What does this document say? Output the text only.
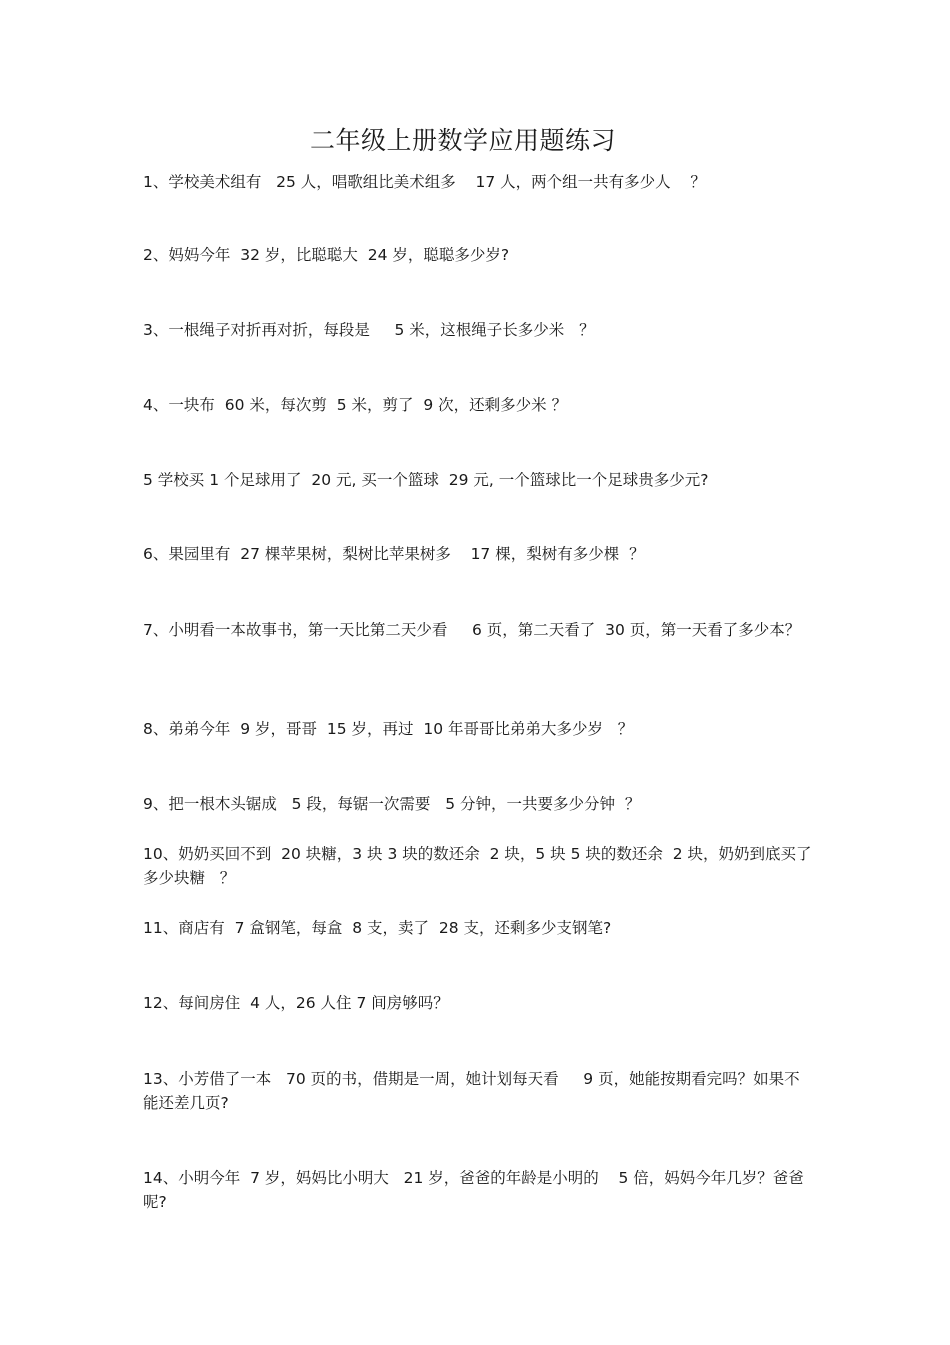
二年级上册数学应用题练习
1、学校美术组有   25 人，唱歌组比美术组多    17 人，两个组一共有多少人    ？
2、妈妈今年  32 岁，比聪聪大  24 岁，聪聪多少岁?
3、一根绳子对折再对折，每段是     5 米，这根绳子长多少米   ？
4、一块布  60 米，每次剪  5 米，剪了  9 次，还剩多少米 ？
5 学校买 1 个足球用了  20 元, 买一个篮球  29 元, 一个篮球比一个足球贵多少元?
6、果园里有  27 棵苹果树，梨树比苹果树多    17 棵，梨树有多少棵  ？
7、小明看一本故事书，第一天比第二天少看     6 页，第二天看了  30 页，第一天看了多少本？
8、弟弟今年  9 岁，哥哥  15 岁，再过  10 年哥哥比弟弟大多少岁   ？
9、把一根木头锯成   5 段，每锯一次需要   5 分钟，一共要多少分钟  ？
10、奶奶买回不到  20 块糖，3 块 3 块的数还余  2 块，5 块 5 块的数还余  2 块，奶奶到底买了多少块糖   ？
11、商店有  7 盒钢笔，每盒  8 支，卖了  28 支，还剩多少支钢笔?
12、每间房住  4 人，26 人住 7 间房够吗？
13、小芳借了一本   70 页的书，借期是一周，她计划每天看     9 页，她能按期看完吗？如果不能还差几页?
14、小明今年  7 岁，妈妈比小明大   21 岁，爸爸的年龄是小明的    5 倍，妈妈今年几岁？爸爸呢?
